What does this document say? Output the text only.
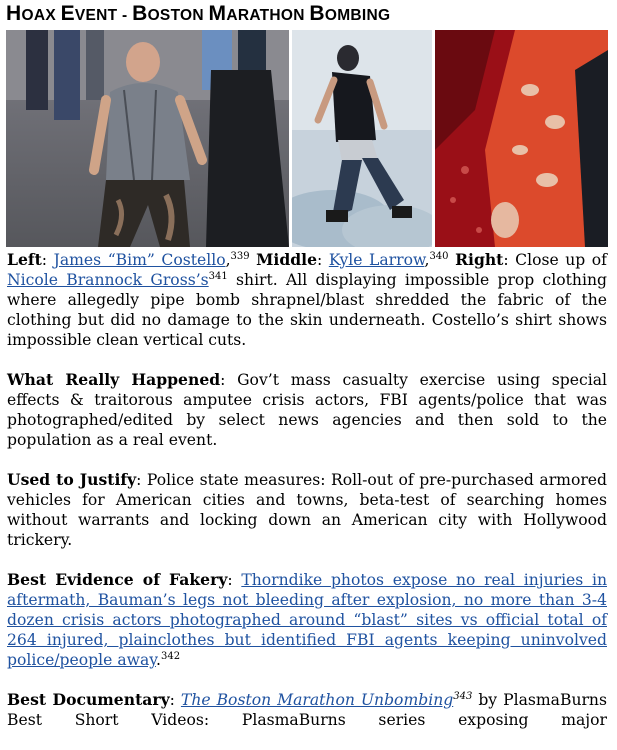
HOAX EVENT - BOSTON MARATHON BOMBING

Left: James “Bim” Costello,$^{339}$ Middle: Kyle Larrow,$^{340}$ Right: Close up of Nicole Brannock $Gross’s^{341}$ shirt. All displaying impossible prop clothing where allegedly pipe bomb shrapnel/blast shredded the fabric of the clothing but did no damage to the skin underneath. Costello’s shirt shows impossible clean vertical cuts.

What Really Happened: Gov’t mass casualty exercise using special effects & traitorous amputee crisis actors, FBI agents/police that was photographed/edited by select news agencies and then sold to the population as a real event.

Used to Justify: Police state measures: Roll-out of pre-purchased armored vehicles for American cities and towns, beta-test of searching homes without warrants and locking down an American city with Hollywood trickery.

Best Evidence of Fakery: Thorndike photos expose no real injuries in aftermath, Bauman’s legs not bleeding after explosion, no more than 3-4 dozen crisis actors photographed around “blast” sites vs official total of 264 injured, plainclothes but identified FBI agents keeping uninvolved police/people away.$^{342}$

Best Documentary: The Boston Marathon Unbombing$^{343}$ by PlasmaBurns Best Short Videos: PlasmaBurns series exposing major
